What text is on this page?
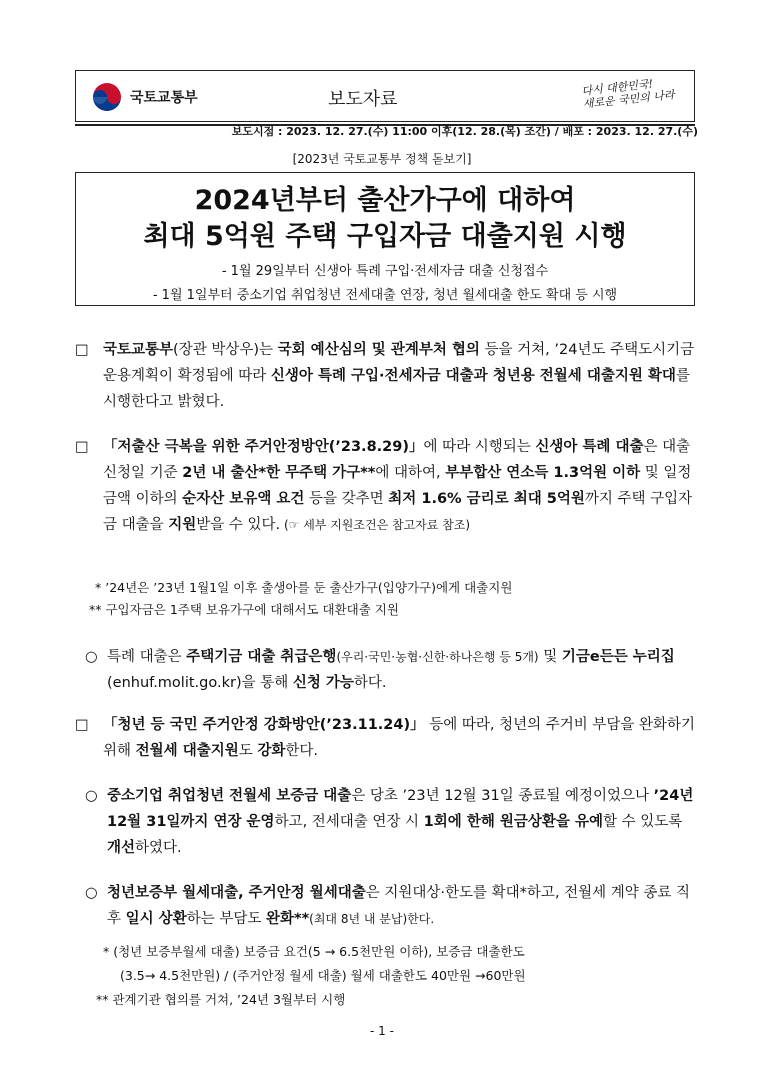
국토교통부	보도자료
다시 대한민국!
새로운 국민의 나라
보도시점 : 2023. 12. 27.(수) 11:00 이후(12. 28.(목) 조간) / 배포 : 2023. 12. 27.(수)
[2023년 국토교통부 정책 돋보기]
2024년부터 출산가구에 대하여
최대 5억원 주택 구입자금 대출지원 시행
- 1월 29일부터 신생아 특례 구입·전세자금 대출 신청접수
- 1월 1일부터 중소기업 취업청년 전세대출 연장, 청년 월세대출 한도 확대 등 시행
□ 국토교통부(장관 박상우)는 국회 예산심의 및 관계부처 협의 등을 거쳐, ’24년도 주택도시기금 운용계획이 확정됨에 따라 신생아 특례 구입·전세자금 대출과 청년용 전월세 대출지원 확대를 시행한다고 밝혔다.
□ 「저출산 극복을 위한 주거안정방안(’23.8.29)」에 따라 시행되는 신생아 특례 대출은 대출신청일 기준 2년 내 출산*한 무주택 가구**에 대하여, 부부합산 연소득 1.3억원 이하 및 일정금액 이하의 순자산 보유액 요건 등을 갖추면 최저 1.6% 금리로 최대 5억원까지 주택 구입자금 대출을 지원받을 수 있다. (☞ 세부 지원조건은 참고자료 참조)
* ’24년은 ’23년 1월1일 이후 출생아를 둔 출산가구(입양가구)에게 대출지원
** 구입자금은 1주택 보유가구에 대해서도 대환대출 지원
○ 특례 대출은 주택기금 대출 취급은행(우리·국민·농협·신한·하나은행 등 5개) 및 기금e든든 누리집(enhuf.molit.go.kr)을 통해 신청 가능하다.
□ 「청년 등 국민 주거안정 강화방안(’23.11.24)」 등에 따라, 청년의 주거비 부담을 완화하기 위해 전월세 대출지원도 강화한다.
○ 중소기업 취업청년 전월세 보증금 대출은 당초 ’23년 12월 31일 종료될 예정이었으나 ’24년 12월 31일까지 연장 운영하고, 전세대출 연장 시 1회에 한해 원금상환을 유예할 수 있도록 개선하였다.
○ 청년보증부 월세대출, 주거안정 월세대출은 지원대상·한도를 확대*하고, 전월세 계약 종료 직후 일시 상환하는 부담도 완화**(최대 8년 내 분납)한다.
* (청년 보증부월세 대출) 보증금 요건(5 → 6.5천만원 이하), 보증금 대출한도
(3.5→ 4.5천만원) / (주거안정 월세 대출) 월세 대출한도 40만원 →60만원
** 관계기관 협의를 거쳐, ’24년 3월부터 시행
- 1 -
